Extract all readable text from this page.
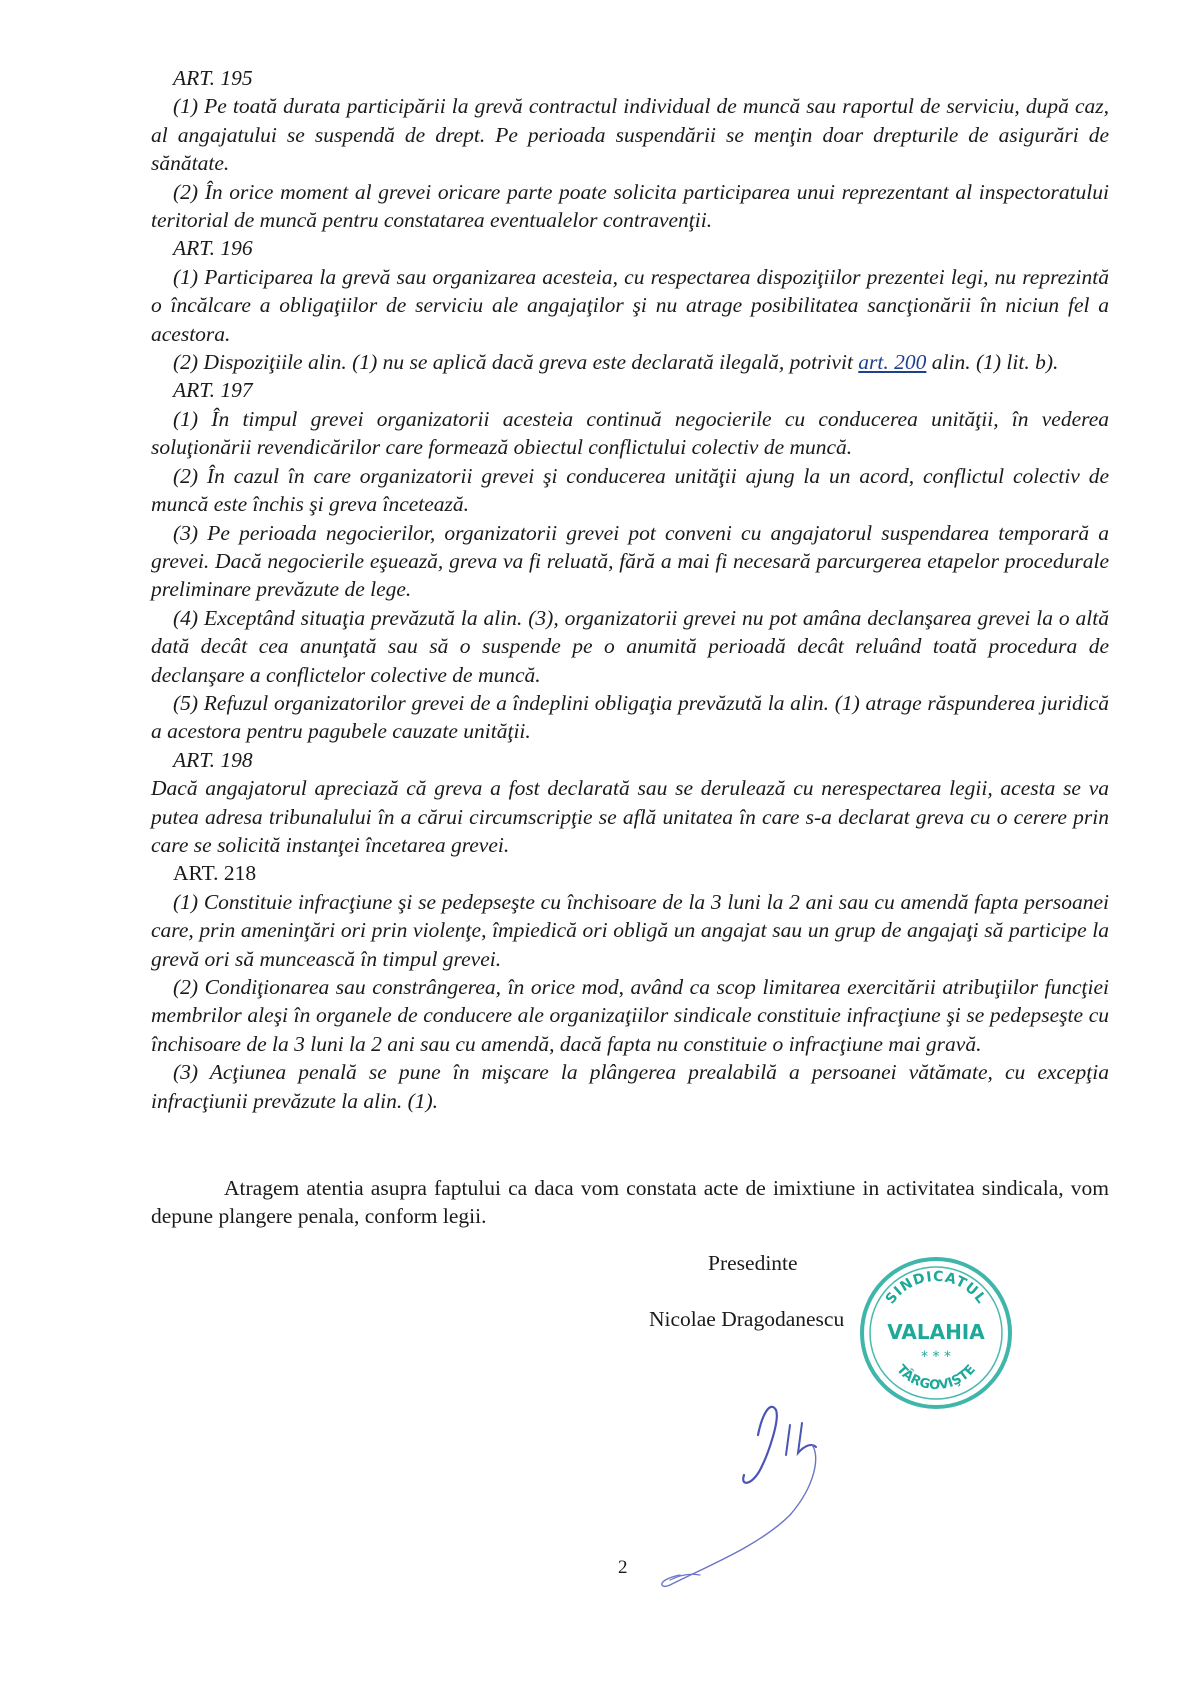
ART. 195
(1) Pe toată durata participării la grevă contractul individual de muncă sau raportul de serviciu, după caz, al angajatului se suspendă de drept. Pe perioada suspendării se menţin doar drepturile de asigurări de sănătate.
(2) În orice moment al grevei oricare parte poate solicita participarea unui reprezentant al inspectoratului teritorial de muncă pentru constatarea eventualelor contravenţii.
ART. 196
(1) Participarea la grevă sau organizarea acesteia, cu respectarea dispoziţiilor prezentei legi, nu reprezintă o încălcare a obligaţiilor de serviciu ale angajaţilor şi nu atrage posibilitatea sancţionării în niciun fel a acestora.
(2) Dispoziţiile alin. (1) nu se aplică dacă greva este declarată ilegală, potrivit art. 200 alin. (1) lit. b).
ART. 197
(1) În timpul grevei organizatorii acesteia continuă negocierile cu conducerea unităţii, în vederea soluţionării revendicărilor care formează obiectul conflictului colectiv de muncă.
(2) În cazul în care organizatorii grevei şi conducerea unităţii ajung la un acord, conflictul colectiv de muncă este închis şi greva încetează.
(3) Pe perioada negocierilor, organizatorii grevei pot conveni cu angajatorul suspendarea temporară a grevei. Dacă negocierile eşuează, greva va fi reluată, fără a mai fi necesară parcurgerea etapelor procedurale preliminare prevăzute de lege.
(4) Exceptând situaţia prevăzută la alin. (3), organizatorii grevei nu pot amâna declanşarea grevei la o altă dată decât cea anunţată sau să o suspende pe o anumită perioadă decât reluând toată procedura de declanşare a conflictelor colective de muncă.
(5) Refuzul organizatorilor grevei de a îndeplini obligaţia prevăzută la alin. (1) atrage răspunderea juridică a acestora pentru pagubele cauzate unităţii.
ART. 198
Dacă angajatorul apreciază că greva a fost declarată sau se derulează cu nerespectarea legii, acesta se va putea adresa tribunalului în a cărui circumscripţie se află unitatea în care s-a declarat greva cu o cerere prin care se solicită instanţei încetarea grevei.
ART. 218
(1) Constituie infracţiune şi se pedepseşte cu închisoare de la 3 luni la 2 ani sau cu amendă fapta persoanei care, prin ameninţări ori prin violenţe, împiedică ori obligă un angajat sau un grup de angajaţi să participe la grevă ori să muncească în timpul grevei.
(2) Condiţionarea sau constrângerea, în orice mod, având ca scop limitarea exercitării atribuţiilor funcţiei membrilor aleşi în organele de conducere ale organizaţiilor sindicale constituie infracţiune şi se pedepseşte cu închisoare de la 3 luni la 2 ani sau cu amendă, dacă fapta nu constituie o infracţiune mai gravă.
(3) Acţiunea penală se pune în mişcare la plângerea prealabilă a persoanei vătămate, cu excepţia infracţiunii prevăzute la alin. (1).
Atragem atentia asupra faptului ca daca vom constata acte de imixtiune in activitatea sindicala, vom depune plangere penala, conform legii.
Presedinte
Nicolae Dragodanescu
SINDICATUL
VALAHIA
* * *
TÂRGOVIŞTE
2
